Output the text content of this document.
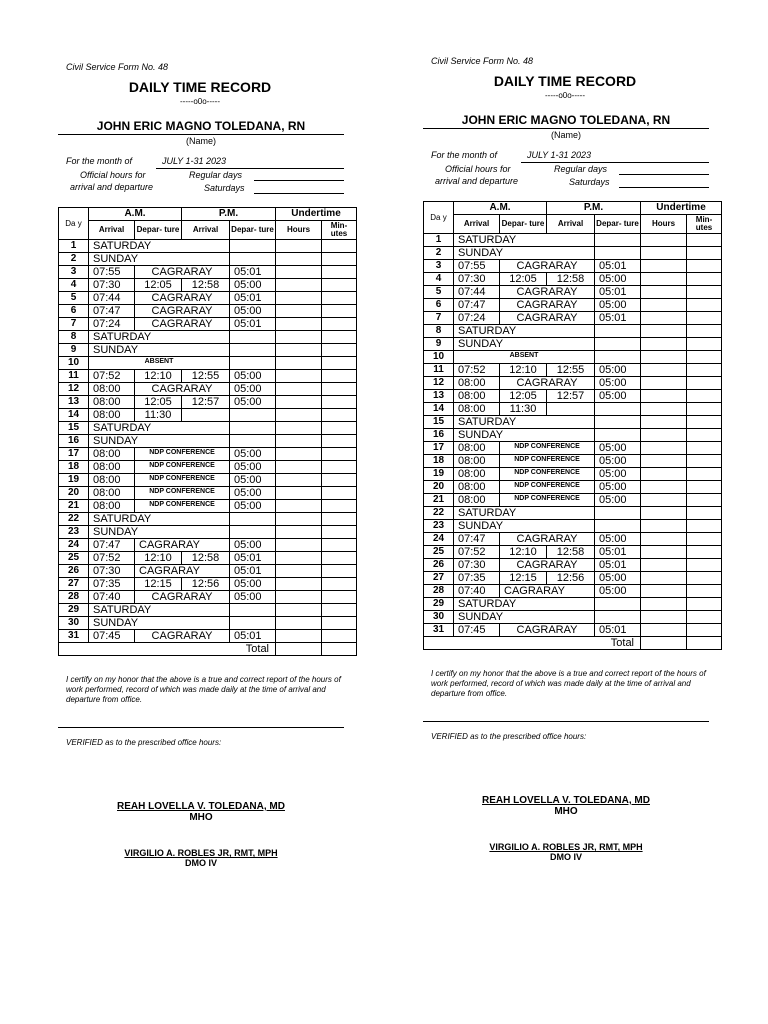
Civil Service Form No. 48
DAILY TIME RECORD
-----o0o-----
JOHN ERIC MAGNO TOLEDANA, RN
(Name)
For the month of	JULY 1-31 2023
Official hours for
arrival and departure
Regular days
Saturdays
Da y	A.M.		P.M.		Undertime	
	Arrival	Depar- ture	Arrival	Depar- ture	Hours	Min- utes
1	SATURDAY					
2	SUNDAY					
3	07:55	CAGRARAY		05:01		
4	07:30	12:05	12:58	05:00		
5	07:44	CAGRARAY		05:01		
6	07:47	CAGRARAY		05:00		
7	07:24	CAGRARAY		05:01		
8	SATURDAY					
9	SUNDAY					
10	ABSENT					
11	07:52	12:10	12:55	05:00		
12	08:00	CAGRARAY		05:00		
13	08:00	12:05	12:57	05:00		
14	08:00	11:30				
15	SATURDAY					
16	SUNDAY					
17	08:00	NDP CONFERENCE		05:00		
18	08:00	NDP CONFERENCE		05:00		
19	08:00	NDP CONFERENCE		05:00		
20	08:00	NDP CONFERENCE		05:00		
21	08:00	NDP CONFERENCE		05:00		
22	SATURDAY					
23	SUNDAY					
24	07:47	CAGRARAY		05:00		
25	07:52	12:10	12:58	05:01		
26	07:30	CAGRARAY		05:01		
27	07:35	12:15	12:56	05:00		
28	07:40	CAGRARAY		05:00		
29	SATURDAY					
30	SUNDAY					
31	07:45	CAGRARAY		05:01		
Total						
I certify on my honor that the above is a true and correct report of the hours of work performed, record of which was made daily at the time of arrival and departure from office.
VERIFIED as to the prescribed office hours:
REAH LOVELLA V. TOLEDANA, MD
MHO
VIRGILIO A. ROBLES JR, RMT, MPH
DMO IV
Civil Service Form No. 48
DAILY TIME RECORD
-----o0o-----
JOHN ERIC MAGNO TOLEDANA, RN
(Name)
For the month of	JULY 1-31 2023
Official hours for
arrival and departure
Regular days
Saturdays
Da y	A.M.		P.M.		Undertime	
	Arrival	Depar- ture	Arrival	Depar- ture	Hours	Min- utes
1	SATURDAY					
2	SUNDAY					
3	07:55	CAGRARAY		05:01		
4	07:30	12:05	12:58	05:00		
5	07:44	CAGRARAY		05:01		
6	07:47	CAGRARAY		05:00		
7	07:24	CAGRARAY		05:01		
8	SATURDAY					
9	SUNDAY					
10	ABSENT					
11	07:52	12:10	12:55	05:00		
12	08:00	CAGRARAY		05:00		
13	08:00	12:05	12:57	05:00		
14	08:00	11:30				
15	SATURDAY					
16	SUNDAY					
17	08:00	NDP CONFERENCE		05:00		
18	08:00	NDP CONFERENCE		05:00		
19	08:00	NDP CONFERENCE		05:00		
20	08:00	NDP CONFERENCE		05:00		
21	08:00	NDP CONFERENCE		05:00		
22	SATURDAY					
23	SUNDAY					
24	07:47	CAGRARAY		05:00		
25	07:52	12:10	12:58	05:01		
26	07:30	CAGRARAY		05:01		
27	07:35	12:15	12:56	05:00		
28	07:40	CAGRARAY		05:00		
29	SATURDAY					
30	SUNDAY					
31	07:45	CAGRARAY		05:01		
Total						
I certify on my honor that the above is a true and correct report of the hours of work performed, record of which was made daily at the time of arrival and departure from office.
VERIFIED as to the prescribed office hours:
REAH LOVELLA V. TOLEDANA, MD
MHO
VIRGILIO A. ROBLES JR, RMT, MPH
DMO IV
